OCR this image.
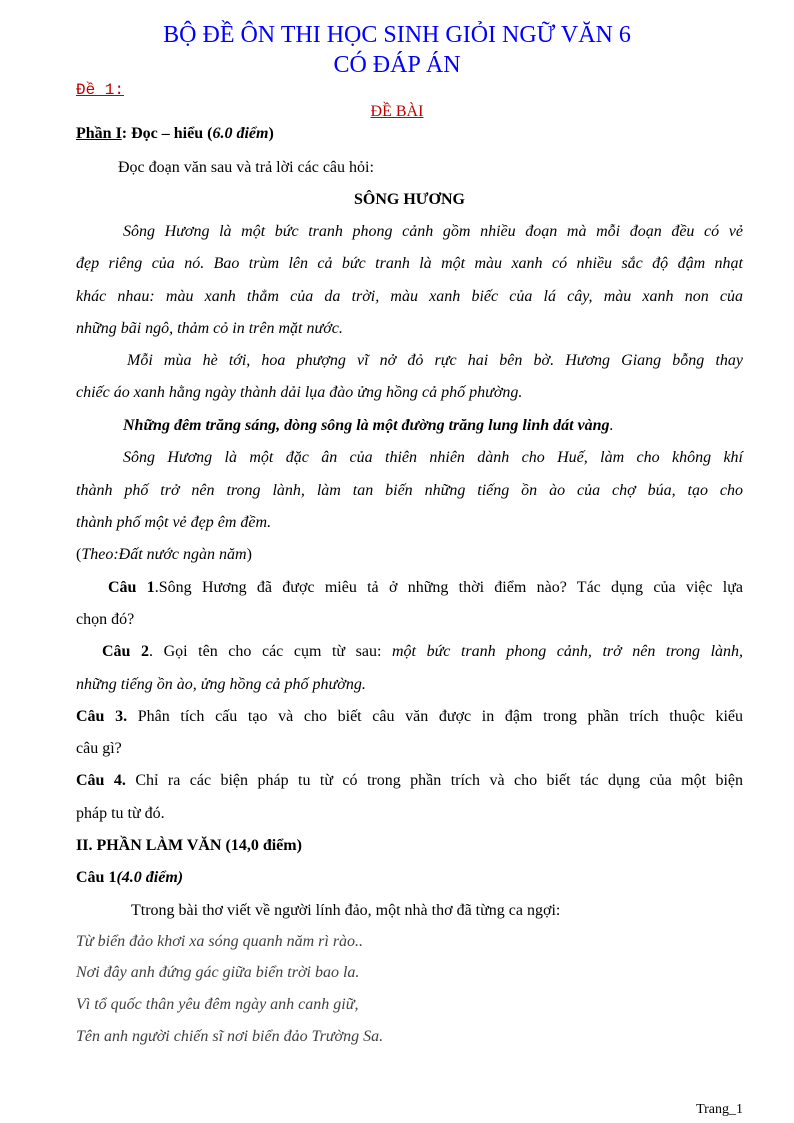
BỘ ĐỀ ÔN THI HỌC SINH GIỎI NGỮ VĂN 6
CÓ ĐÁP ÁN
Đề 1:
ĐỀ BÀI
Phần I: Đọc – hiểu (6.0 điểm)
Đọc đoạn văn sau và trả lời các câu hỏi:
SÔNG HƯƠNG
Sông Hương là một bức tranh phong cảnh gồm nhiều đoạn mà mỗi đoạn đều có vẻ
đẹp riêng của nó. Bao trùm lên cả bức tranh là một màu xanh có nhiều sắc độ đậm nhạt
khác nhau: màu xanh thẳm của da trời, màu xanh biếc của lá cây, màu xanh non của
những bãi ngô, thảm cỏ in trên mặt nước.
Mỗi mùa hè tới, hoa phượng vĩ nở đỏ rực hai bên bờ. Hương Giang bỗng thay
chiếc áo xanh hằng ngày thành dải lụa đào ửng hồng cả phố phường.
Những đêm trăng sáng, dòng sông là một đường trăng lung linh dát vàng.
Sông Hương là một đặc ân của thiên nhiên dành cho Huế, làm cho không khí
thành phố trở nên trong lành, làm tan biến những tiếng ồn ào của chợ búa, tạo cho
thành phố một vẻ đẹp êm đềm.
(Theo:Đất nước ngàn năm)
Câu 1.Sông Hương đã được miêu tả ở những thời điểm nào? Tác dụng của việc lựa
chọn đó?
Câu 2. Gọi tên cho các cụm từ sau: một bức tranh phong cảnh, trở nên trong lành,
những tiếng ồn ào, ửng hồng cả phố phường.
Câu 3. Phân tích cấu tạo và cho biết câu văn được in đậm trong phần trích thuộc kiểu
câu gì?
Câu 4. Chỉ ra các biện pháp tu từ có trong phần trích và cho biết tác dụng của một biện
pháp tu từ đó.
II. PHẦN LÀM VĂN (14,0 điểm)
Câu 1(4.0 điểm)
Ttrong bài thơ viết về người lính đảo, một nhà thơ đã từng ca ngợi:
Từ biển đảo khơi xa sóng quanh năm rì rào..
Nơi đây anh đứng gác giữa biển trời bao la.
Vì tổ quốc thân yêu đêm ngày anh canh giữ,
Tên anh người chiến sĩ nơi biển đảo Trường Sa.
Trang_1
